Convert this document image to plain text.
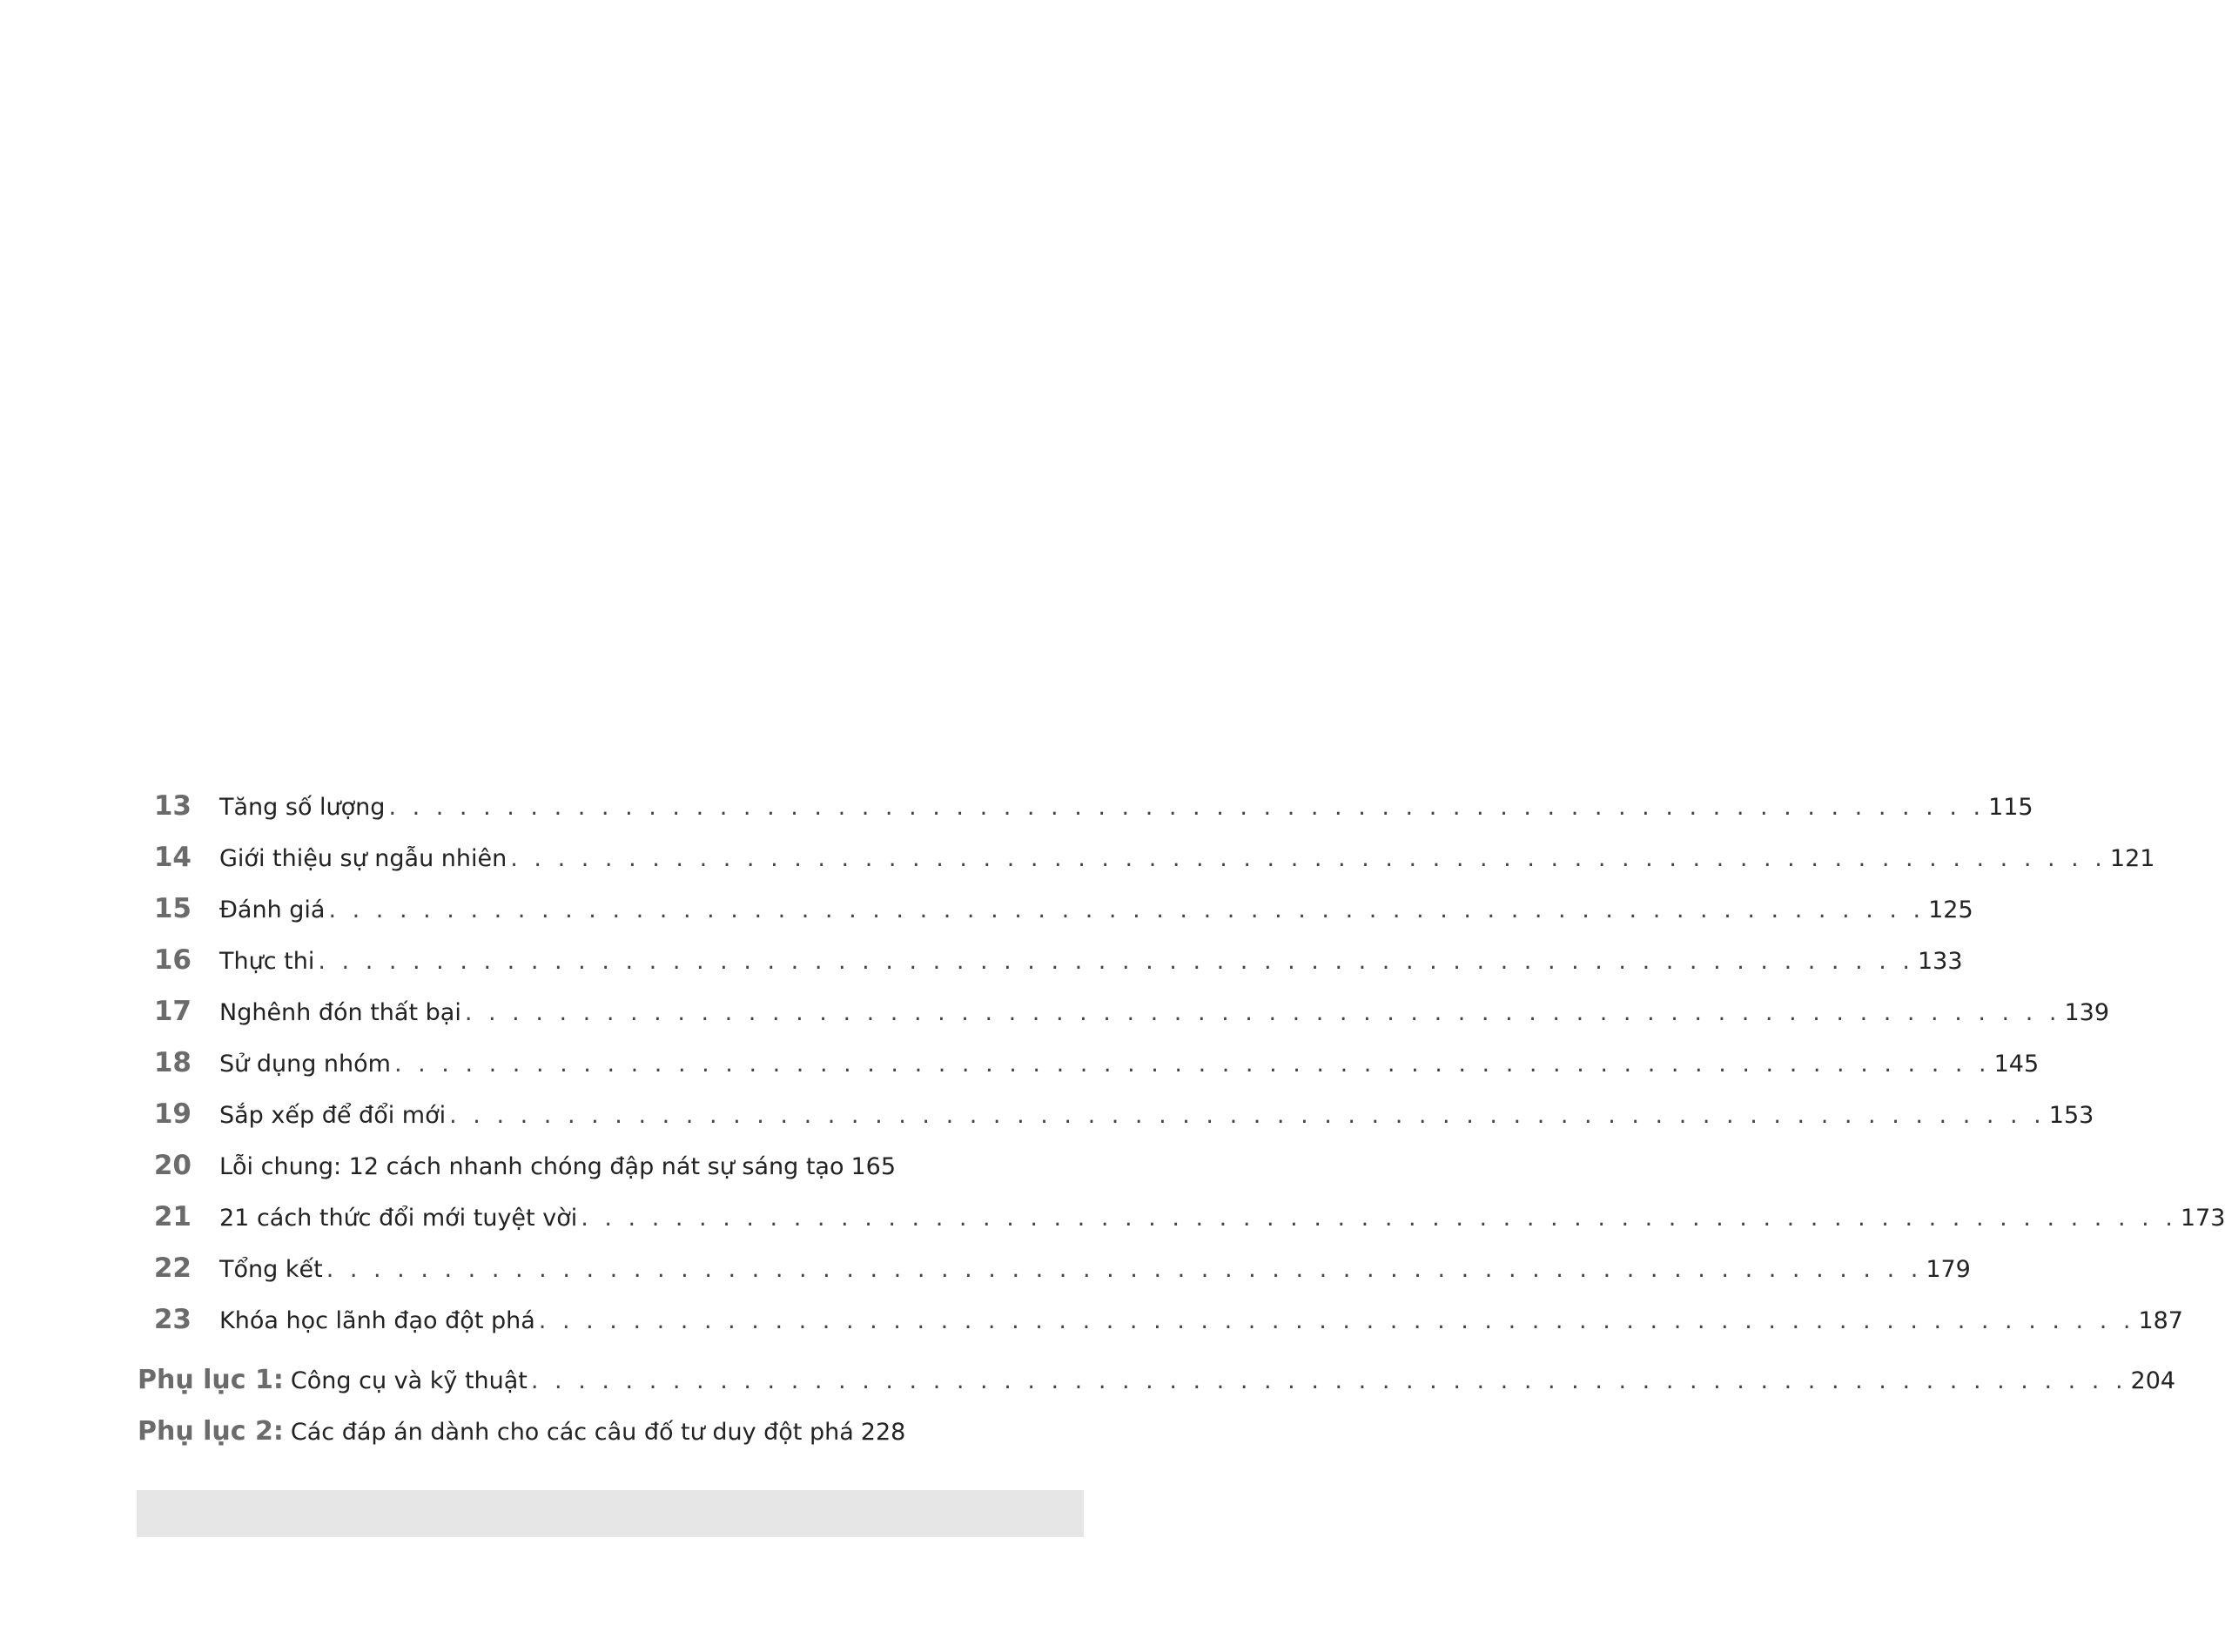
13	Tăng số lượng . . . . . . . . . . . . . . . . . . . . . . . . . . . . . . . . . . . . . . . . . . . . . . . . . . . . . . . . . . . . . . . . . . . . 115
14	Giới thiệu sự ngẫu nhiên . . . . . . . . . . . . . . . . . . . . . . . . . . . . . . . . . . . . . . . . . . . . . . . . . . . . . . . . . . . . . . . . . . . . 121
15	Đánh giá . . . . . . . . . . . . . . . . . . . . . . . . . . . . . . . . . . . . . . . . . . . . . . . . . . . . . . . . . . . . . . . . . . . . 125
16	Thực thi . . . . . . . . . . . . . . . . . . . . . . . . . . . . . . . . . . . . . . . . . . . . . . . . . . . . . . . . . . . . . . . . . . . . 133
17	Nghênh đón thất bại . . . . . . . . . . . . . . . . . . . . . . . . . . . . . . . . . . . . . . . . . . . . . . . . . . . . . . . . . . . . . . . . . . . . 139
18	Sử dụng nhóm . . . . . . . . . . . . . . . . . . . . . . . . . . . . . . . . . . . . . . . . . . . . . . . . . . . . . . . . . . . . . . . . . . . . 145
19	Sắp xếp để đổi mới . . . . . . . . . . . . . . . . . . . . . . . . . . . . . . . . . . . . . . . . . . . . . . . . . . . . . . . . . . . . . . . . . . . . 153
20	Lỗi chung: 12 cách nhanh chóng đập nát sự sáng tạo 165
21	21 cách thức đổi mới tuyệt vời . . . . . . . . . . . . . . . . . . . . . . . . . . . . . . . . . . . . . . . . . . . . . . . . . . . . . . . . . . . . . . . . . . . . 173
22	Tổng kết . . . . . . . . . . . . . . . . . . . . . . . . . . . . . . . . . . . . . . . . . . . . . . . . . . . . . . . . . . . . . . . . . . . . 179
23	Khóa học lãnh đạo đột phá . . . . . . . . . . . . . . . . . . . . . . . . . . . . . . . . . . . . . . . . . . . . . . . . . . . . . . . . . . . . . . . . . . . . 187
Phụ lục 1: Công cụ và kỹ thuật . . . . . . . . . . . . . . . . . . . . . . . . . . . . . . . . . . . . . . . . . . . . . . . . . . . . . . . . . . . . . . . . . . . . 204
Phụ lục 2: Các đáp án dành cho các câu đố tư duy đột phá 228
